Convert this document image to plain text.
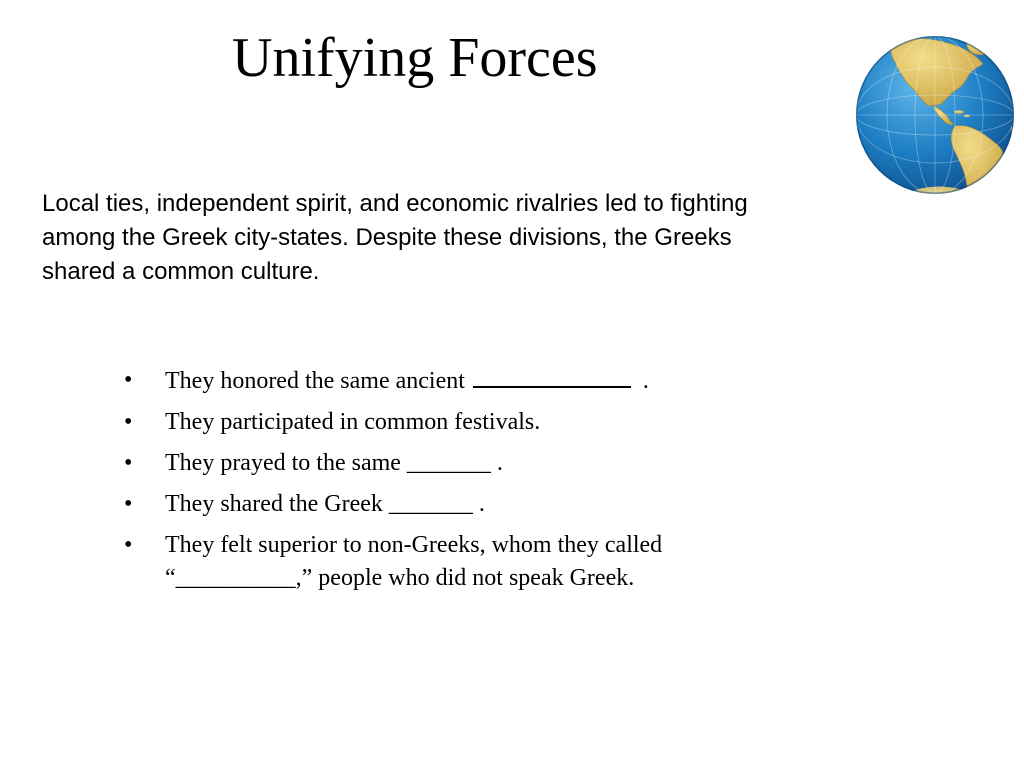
Unifying Forces

Local ties, independent spirit, and economic rivalries led to fighting among the Greek city-states. Despite these divisions, the Greeks shared a common culture.

• They honored the same ancient	.
• They participated in common festivals.
• They prayed to the same _______ .
• They shared the Greek _______ .
• They felt superior to non-Greeks, whom they called “__________,” people who did not speak Greek.
